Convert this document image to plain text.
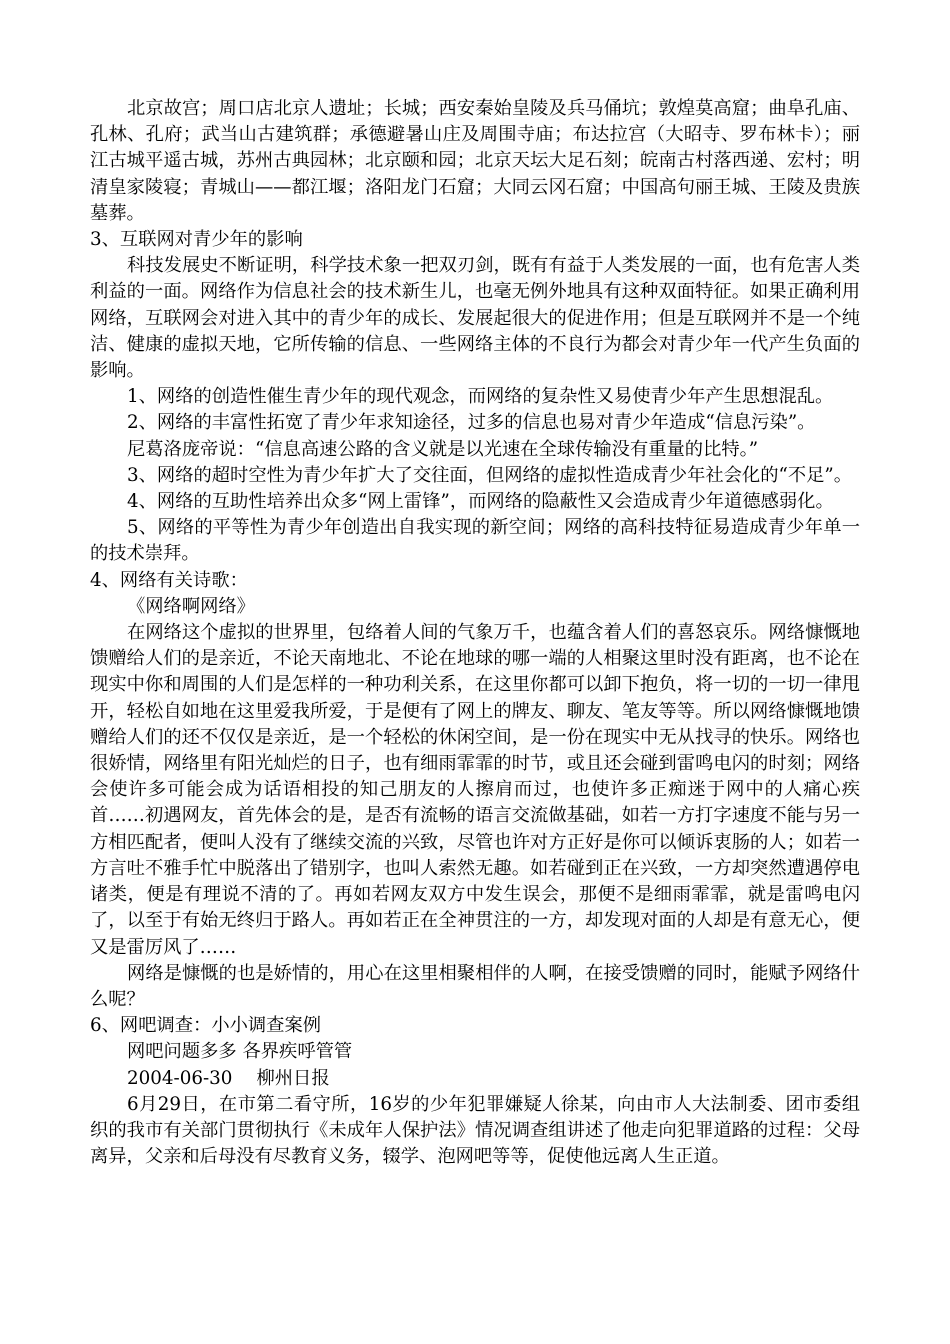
北京故宫；周口店北京人遗址；长城；西安秦始皇陵及兵马俑坑；敦煌莫高窟；曲阜孔庙、孔林、孔府；武当山古建筑群；承德避暑山庄及周围寺庙；布达拉宫（大昭寺、罗布林卡）；丽江古城平遥古城，苏州古典园林；北京颐和园；北京天坛大足石刻；皖南古村落西递、宏村；明清皇家陵寝；青城山——都江堰；洛阳龙门石窟；大同云冈石窟；中国高句丽王城、王陵及贵族墓葬。

3、互联网对青少年的影响

科技发展史不断证明，科学技术象一把双刃剑，既有有益于人类发展的一面，也有危害人类利益的一面。网络作为信息社会的技术新生儿，也毫无例外地具有这种双面特征。如果正确利用网络，互联网会对进入其中的青少年的成长、发展起很大的促进作用；但是互联网并不是一个纯洁、健康的虚拟天地，它所传输的信息、一些网络主体的不良行为都会对青少年一代产生负面的影响。

1、网络的创造性催生青少年的现代观念，而网络的复杂性又易使青少年产生思想混乱。

2、网络的丰富性拓宽了青少年求知途径，过多的信息也易对青少年造成“信息污染”。

尼葛洛庞帝说：“信息高速公路的含义就是以光速在全球传输没有重量的比特。”

3、网络的超时空性为青少年扩大了交往面，但网络的虚拟性造成青少年社会化的“不足”。

4、网络的互助性培养出众多“网上雷锋”，而网络的隐蔽性又会造成青少年道德感弱化。

5、网络的平等性为青少年创造出自我实现的新空间；网络的高科技特征易造成青少年单一的技术崇拜。

4、网络有关诗歌：

《网络啊网络》

在网络这个虚拟的世界里，包络着人间的气象万千，也蕴含着人们的喜怒哀乐。网络慷慨地馈赠给人们的是亲近，不论天南地北、不论在地球的哪一端的人相聚这里时没有距离，也不论在现实中你和周围的人们是怎样的一种功利关系，在这里你都可以卸下抱负，将一切的一切一律甩开，轻松自如地在这里爱我所爱，于是便有了网上的牌友、聊友、笔友等等。所以网络慷慨地馈赠给人们的还不仅仅是亲近，是一个轻松的休闲空间，是一份在现实中无从找寻的快乐。网络也很娇情，网络里有阳光灿烂的日子，也有细雨霏霏的时节，或且还会碰到雷鸣电闪的时刻；网络会使许多可能会成为话语相投的知己朋友的人擦肩而过，也使许多正痴迷于网中的人痛心疾首……初遇网友，首先体会的是，是否有流畅的语言交流做基础，如若一方打字速度不能与另一方相匹配者，便叫人没有了继续交流的兴致，尽管也许对方正好是你可以倾诉衷肠的人；如若一方言吐不雅手忙中脱落出了错别字，也叫人索然无趣。如若碰到正在兴致，一方却突然遭遇停电诸类，便是有理说不清的了。再如若网友双方中发生误会，那便不是细雨霏霏，就是雷鸣电闪了，以至于有始无终归于路人。再如若正在全神贯注的一方，却发现对面的人却是有意无心，便又是雷厉风了……

网络是慷慨的也是娇情的，用心在这里相聚相伴的人啊，在接受馈赠的同时，能赋予网络什么呢？

6、网吧调查：小小调查案例

网吧问题多多 各界疾呼管管

2004-06-30　 柳州日报

6月29日，在市第二看守所，16岁的少年犯罪嫌疑人徐某，向由市人大法制委、团市委组织的我市有关部门贯彻执行《未成年人保护法》情况调查组讲述了他走向犯罪道路的过程：父母离异，父亲和后母没有尽教育义务，辍学、泡网吧等等，促使他远离人生正道。
